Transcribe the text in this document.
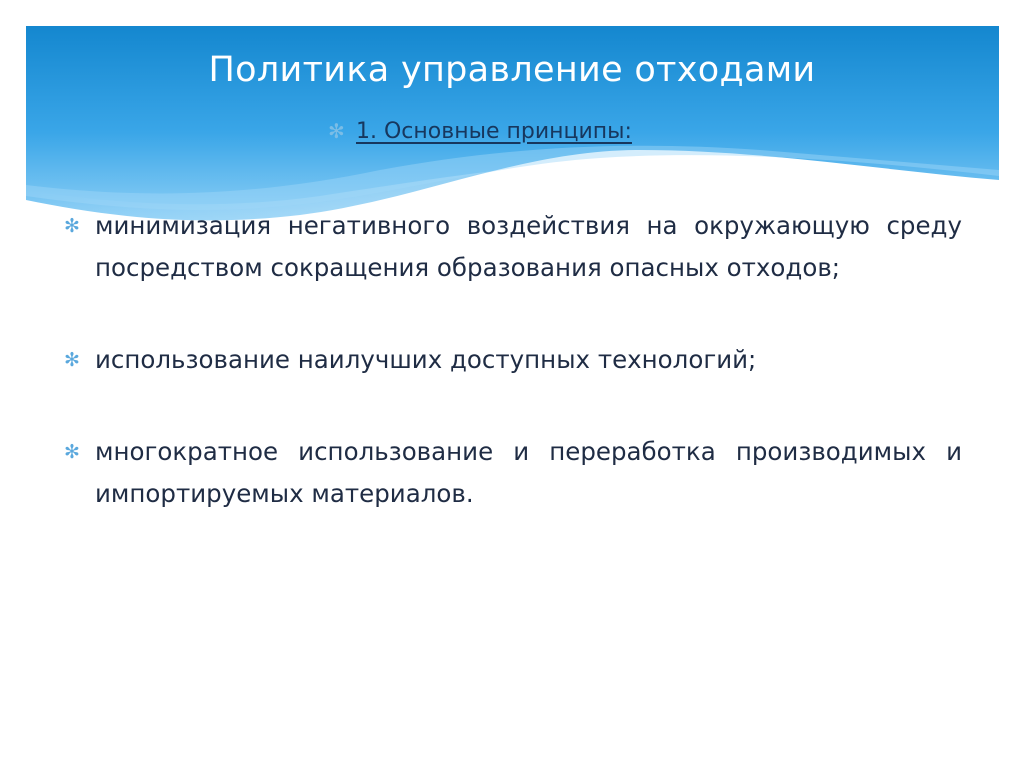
Политика управление отходами
✻ 1. Основные принципы:
✻ минимизация негативного воздействия на окружающую среду посредством сокращения образования опасных отходов;
✻ использование наилучших доступных технологий;
✻ многократное использование и переработка производимых и импортируемых материалов.
